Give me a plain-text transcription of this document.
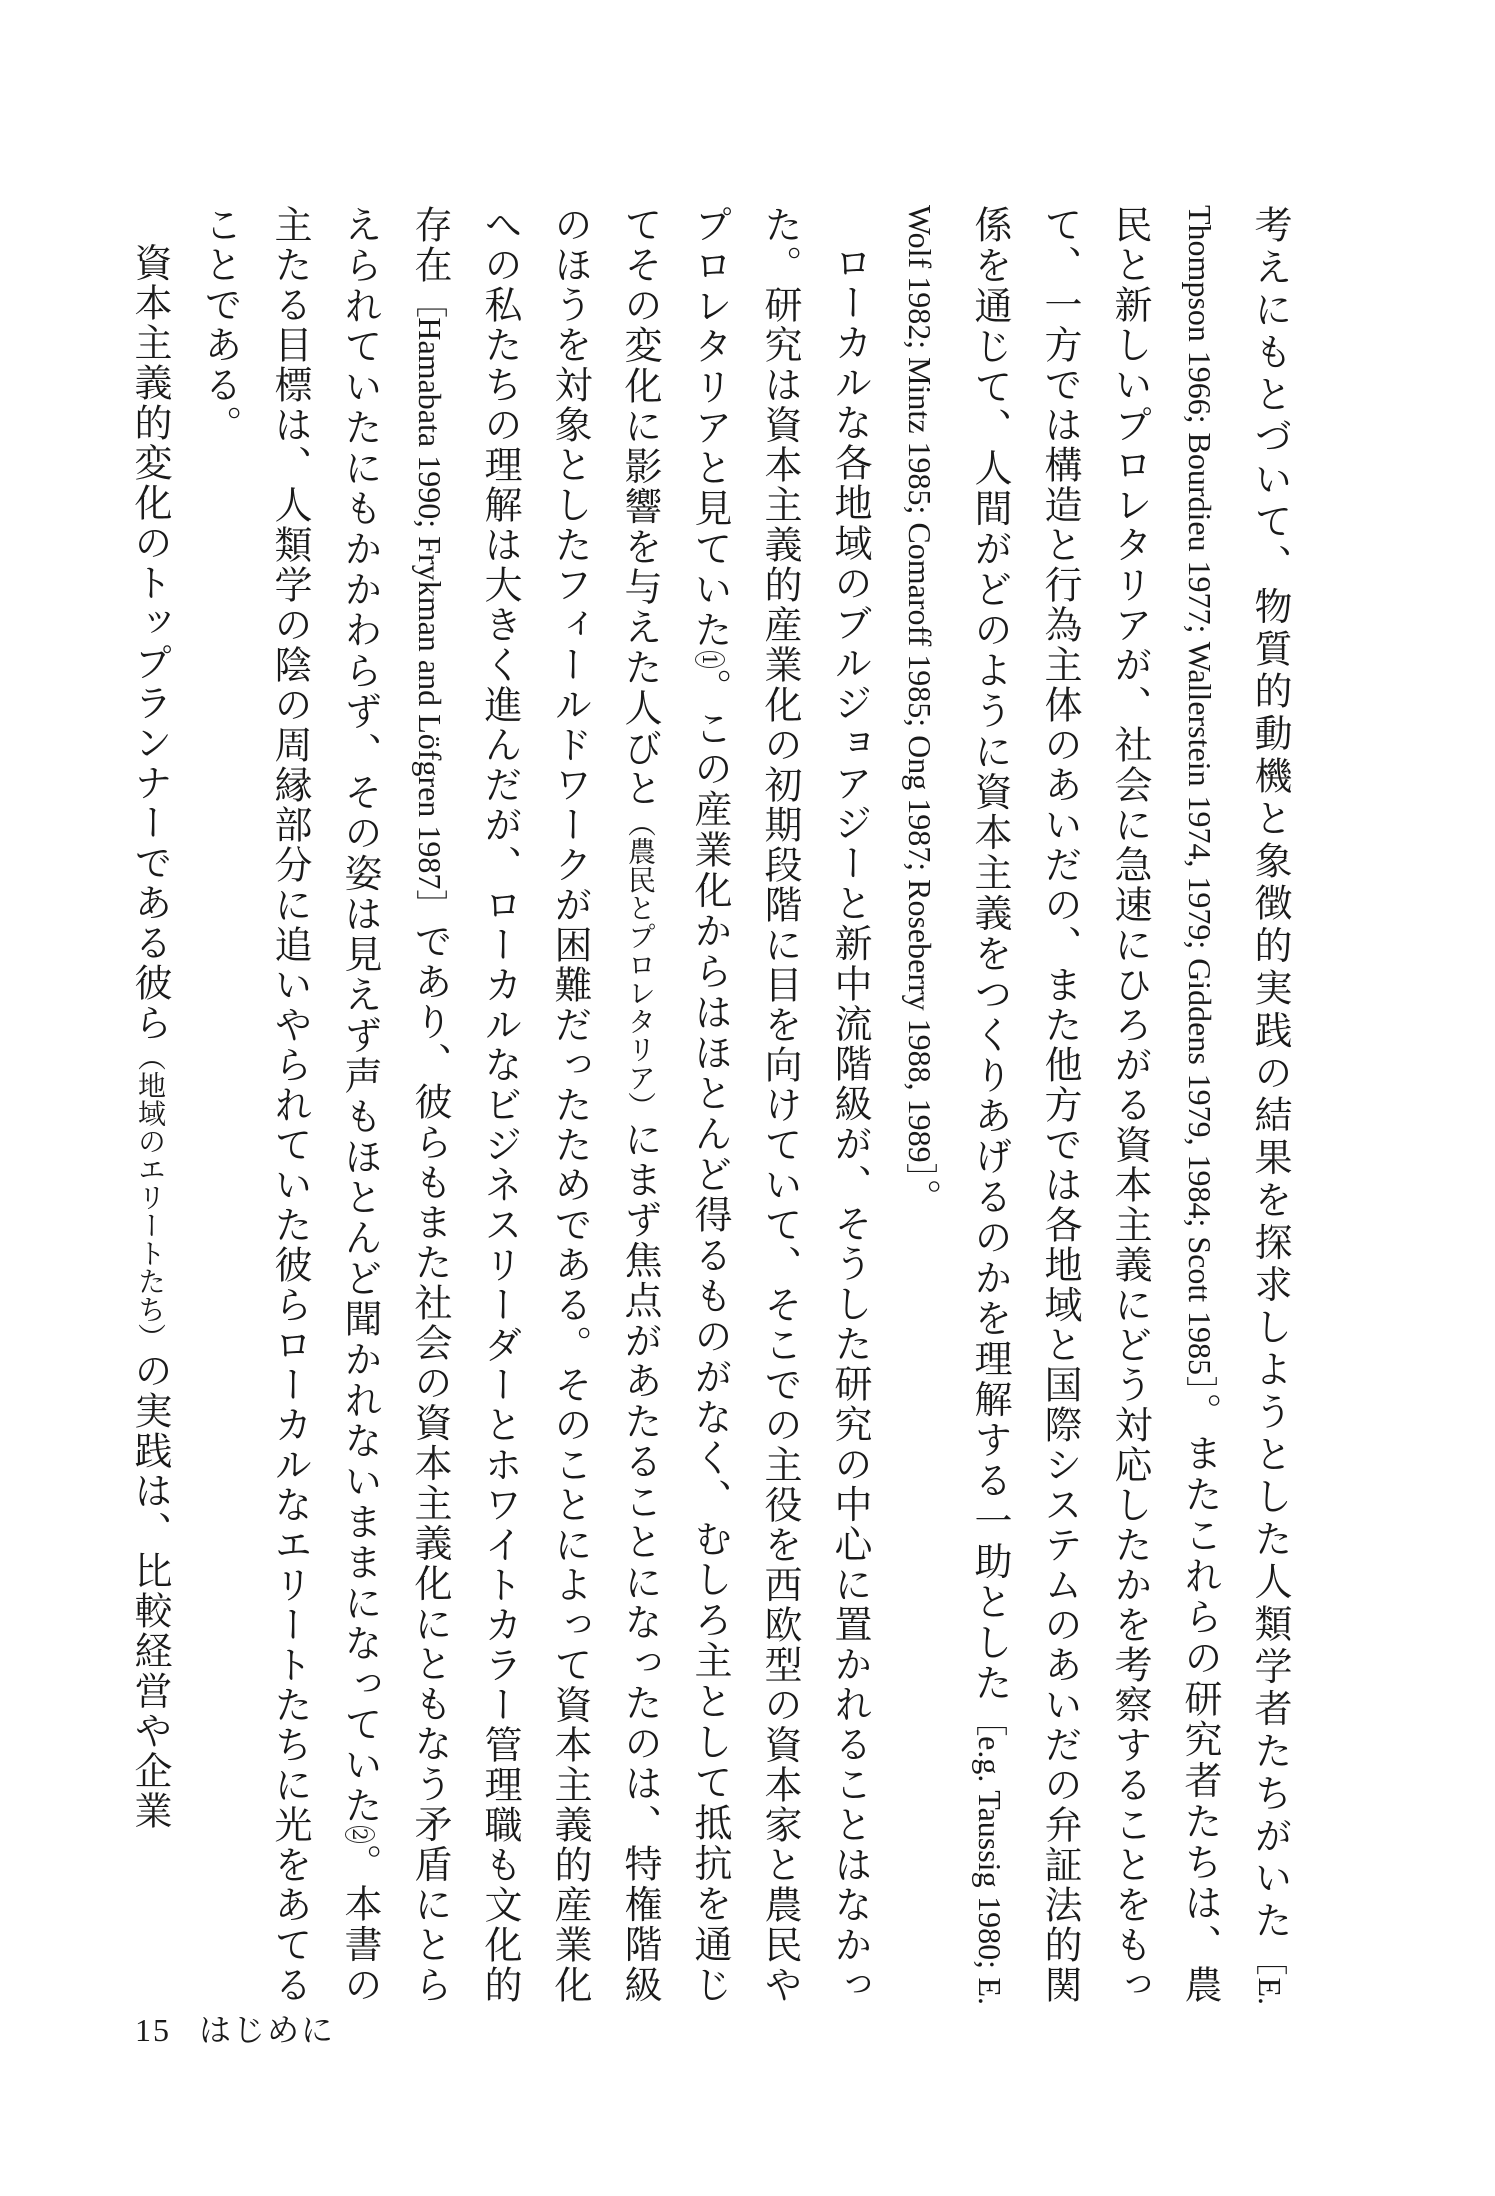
考えにもとづいて、物質的動機と象徴的実践の結果を探求しようとした人類学者たちがいた［E. Thompson 1966; Bourdieu 1977; Wallerstein 1974, 1979; Giddens 1979, 1984; Scott 1985］。またこれらの研究者たちは、農民と新しいプロレタリアが、社会に急速にひろがる資本主義にどう対応したかを考察することをもって、一方では構造と行為主体のあいだの、また他方では各地域と国際システムのあいだの弁証法的関係を通じて、人間がどのように資本主義をつくりあげるのかを理解する一助とした［e.g. Taussig 1980; E. Wolf 1982; Mintz 1985; Comaroff 1985; Ong 1987; Roseberry 1988, 1989］。

ローカルな各地域のブルジョアジーと新中流階級が、そうした研究の中心に置かれることはなかった。研究は資本主義的産業化の初期段階に目を向けていて、そこでの主役を西欧型の資本家と農民やプロレタリアと見ていた1。この産業化からはほとんど得るものがなく、むしろ主として抵抗を通じてその変化に影響を与えた人びと（農民とプロレタリア）にまず焦点があたることになったのは、特権階級のほうを対象としたフィールドワークが困難だったためである。そのことによって資本主義的産業化への私たちの理解は大きく進んだが、ローカルなビジネスリーダーとホワイトカラー管理職も文化的存在［Hamabata 1990; Frykman and Löfgren 1987］であり、彼らもまた社会の資本主義化にともなう矛盾にとらえられていたにもかかわらず、その姿は見えず声もほとんど聞かれないままになっていた2。本書の主たる目標は、人類学の陰の周縁部分に追いやられていた彼らローカルなエリートたちに光をあてることである。

資本主義的変化のトップランナーである彼ら（地域のエリートたち）の実践は、比較経営や企業

15 はじめに
